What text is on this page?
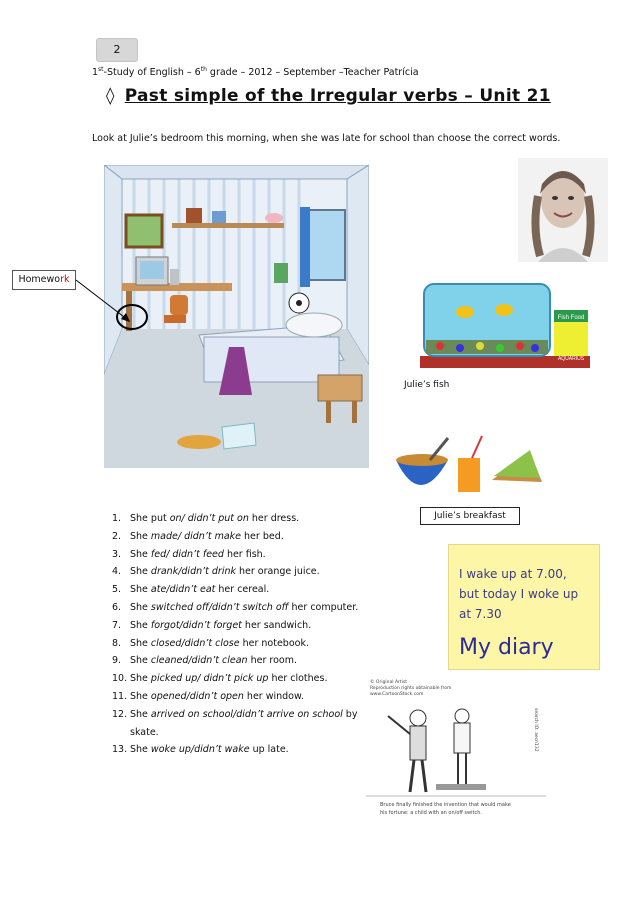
2
1st-Study of English – 6th grade – 2012 – September –Teacher Patrícia
◊ Past simple of the Irregular verbs – Unit 21
Look at Julie’s bedroom this morning, when she was late for school than choose the correct words.
Homework
Fish Food
AQUARIUS
Julie’s fish
Julie’s breakfast
I wake up at 7.00,
but today I woke up
at 7.30
My diary
© Original Artist
Reproduction rights obtainable from
www.CartoonStock.com
search ID: aecn132
Bruce finally finished the invention that would make
his fortune: a child with an on/off switch.
1. She put on/ didn’t put on her dress.
2. She made/ didn’t make her bed.
3. She fed/ didn’t feed her fish.
4. She drank/didn’t drink her orange juice.
5. She ate/didn’t eat her cereal.
6. She switched off/didn’t switch off her computer.
7. She forgot/didn’t forget her sandwich.
8. She closed/didn’t close her notebook.
9. She cleaned/didn’t clean her room.
10. She picked up/ didn’t pick up her clothes.
11. She opened/didn’t open her window.
12. She arrived on school/didn’t arrive on school by
skate.
13. She woke up/didn’t wake up late.
